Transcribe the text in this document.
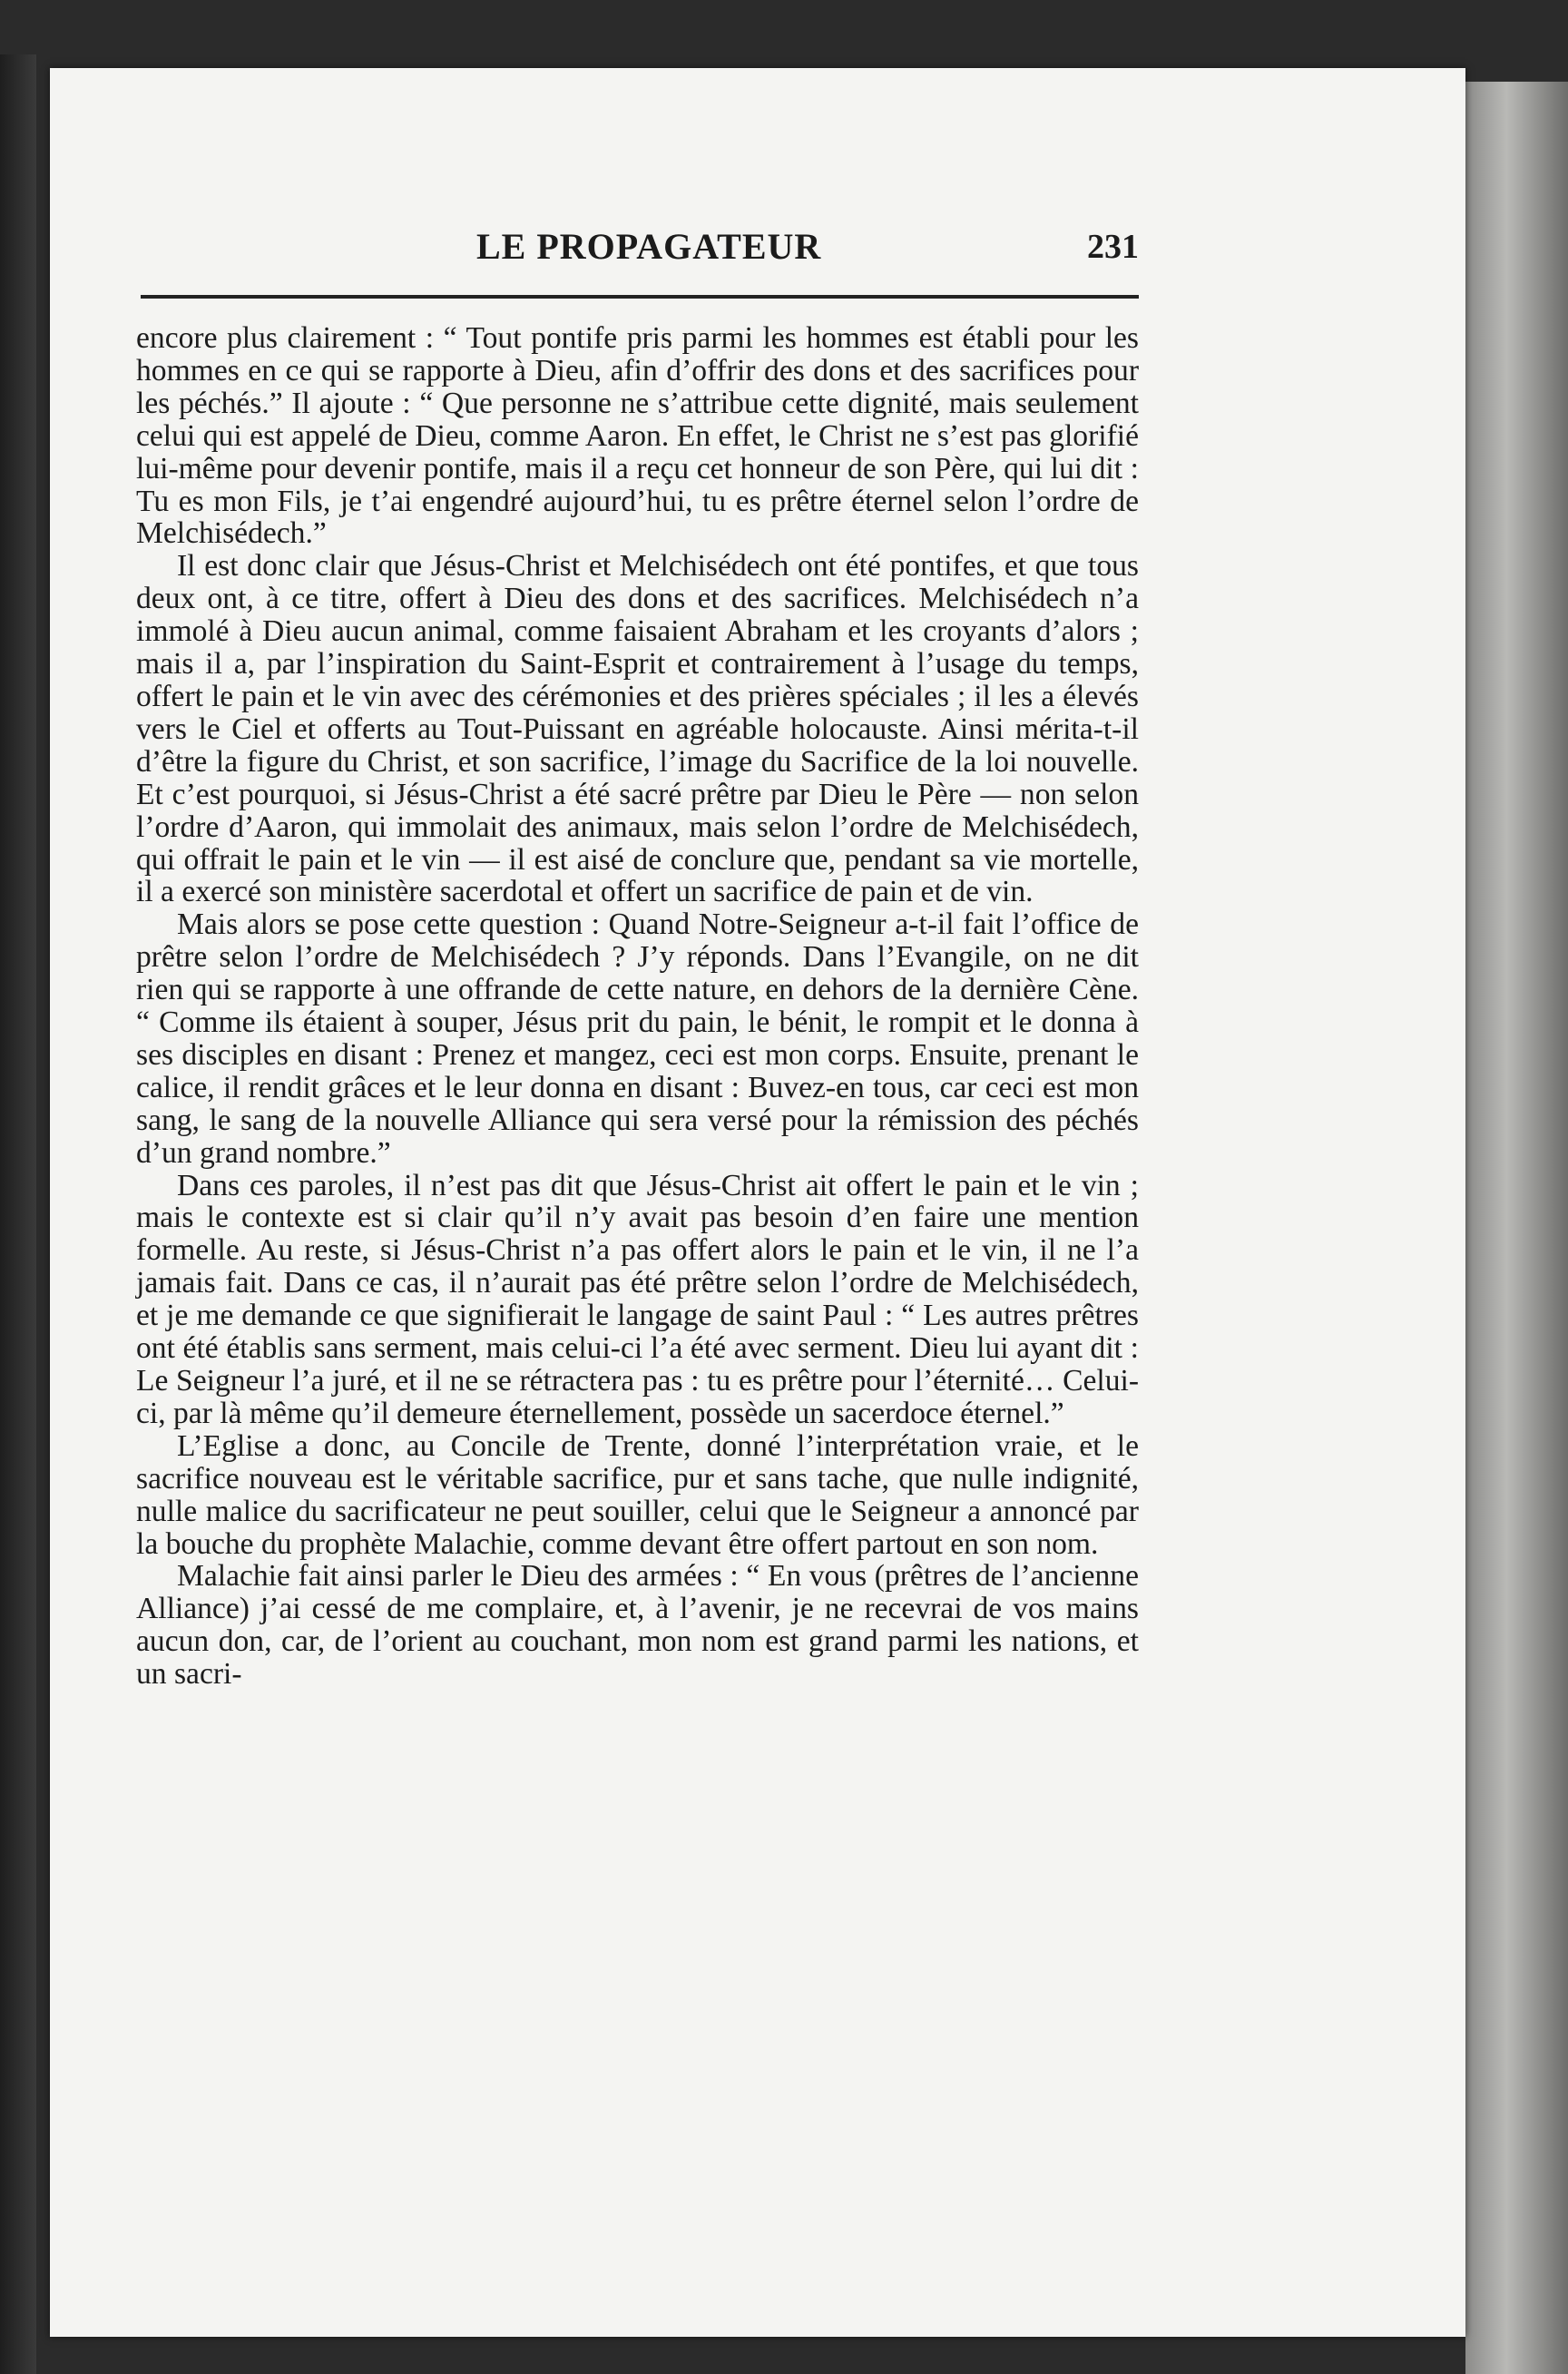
LE PROPAGATEUR	231

encore plus clairement : “ Tout pontife pris parmi les hommes est établi pour les hommes en ce qui se rapporte à Dieu, afin d’offrir des dons et des sacrifices pour les péchés.” Il ajoute : “ Que personne ne s’attribue cette dignité, mais seulement celui qui est appelé de Dieu, comme Aaron. En effet, le Christ ne s’est pas glorifié lui-même pour devenir pontife, mais il a reçu cet honneur de son Père, qui lui dit : Tu es mon Fils, je t’ai engendré aujourd’hui, tu es prêtre éternel selon l’ordre de Melchisédech.”

Il est donc clair que Jésus-Christ et Melchisédech ont été pontifes, et que tous deux ont, à ce titre, offert à Dieu des dons et des sacrifices. Melchisédech n’a immolé à Dieu aucun animal, comme faisaient Abraham et les croyants d’alors ; mais il a, par l’inspiration du Saint-Esprit et contrairement à l’usage du temps, offert le pain et le vin avec des cérémonies et des prières spéciales ; il les a élevés vers le Ciel et offerts au Tout-Puissant en agréable holocauste. Ainsi mérita-t-il d’être la figure du Christ, et son sacrifice, l’image du Sacrifice de la loi nouvelle. Et c’est pourquoi, si Jésus-Christ a été sacré prêtre par Dieu le Père — non selon l’ordre d’Aaron, qui immolait des animaux, mais selon l’ordre de Melchisédech, qui offrait le pain et le vin — il est aisé de conclure que, pendant sa vie mortelle, il a exercé son ministère sacerdotal et offert un sacrifice de pain et de vin.

Mais alors se pose cette question : Quand Notre-Seigneur a-t-il fait l’office de prêtre selon l’ordre de Melchisédech ? J’y réponds. Dans l’Evangile, on ne dit rien qui se rapporte à une offrande de cette nature, en dehors de la dernière Cène. “ Comme ils étaient à souper, Jésus prit du pain, le bénit, le rompit et le donna à ses disciples en disant : Prenez et mangez, ceci est mon corps. Ensuite, prenant le calice, il rendit grâces et le leur donna en disant : Buvez-en tous, car ceci est mon sang, le sang de la nouvelle Alliance qui sera versé pour la rémission des péchés d’un grand nombre.”

Dans ces paroles, il n’est pas dit que Jésus-Christ ait offert le pain et le vin ; mais le contexte est si clair qu’il n’y avait pas besoin d’en faire une mention formelle. Au reste, si Jésus-Christ n’a pas offert alors le pain et le vin, il ne l’a jamais fait. Dans ce cas, il n’aurait pas été prêtre selon l’ordre de Melchisédech, et je me demande ce que signifierait le langage de saint Paul : “ Les autres prêtres ont été établis sans serment, mais celui-ci l’a été avec serment. Dieu lui ayant dit : Le Seigneur l’a juré, et il ne se rétractera pas : tu es prêtre pour l’éternité… Celui-ci, par là même qu’il demeure éternellement, possède un sacerdoce éternel.”

L’Eglise a donc, au Concile de Trente, donné l’interprétation vraie, et le sacrifice nouveau est le véritable sacrifice, pur et sans tache, que nulle indignité, nulle malice du sacrificateur ne peut souiller, celui que le Seigneur a annoncé par la bouche du prophète Malachie, comme devant être offert partout en son nom.

Malachie fait ainsi parler le Dieu des armées : “ En vous (prêtres de l’ancienne Alliance) j’ai cessé de me complaire, et, à l’avenir, je ne recevrai de vos mains aucun don, car, de l’orient au couchant, mon nom est grand parmi les nations, et un sacri-
